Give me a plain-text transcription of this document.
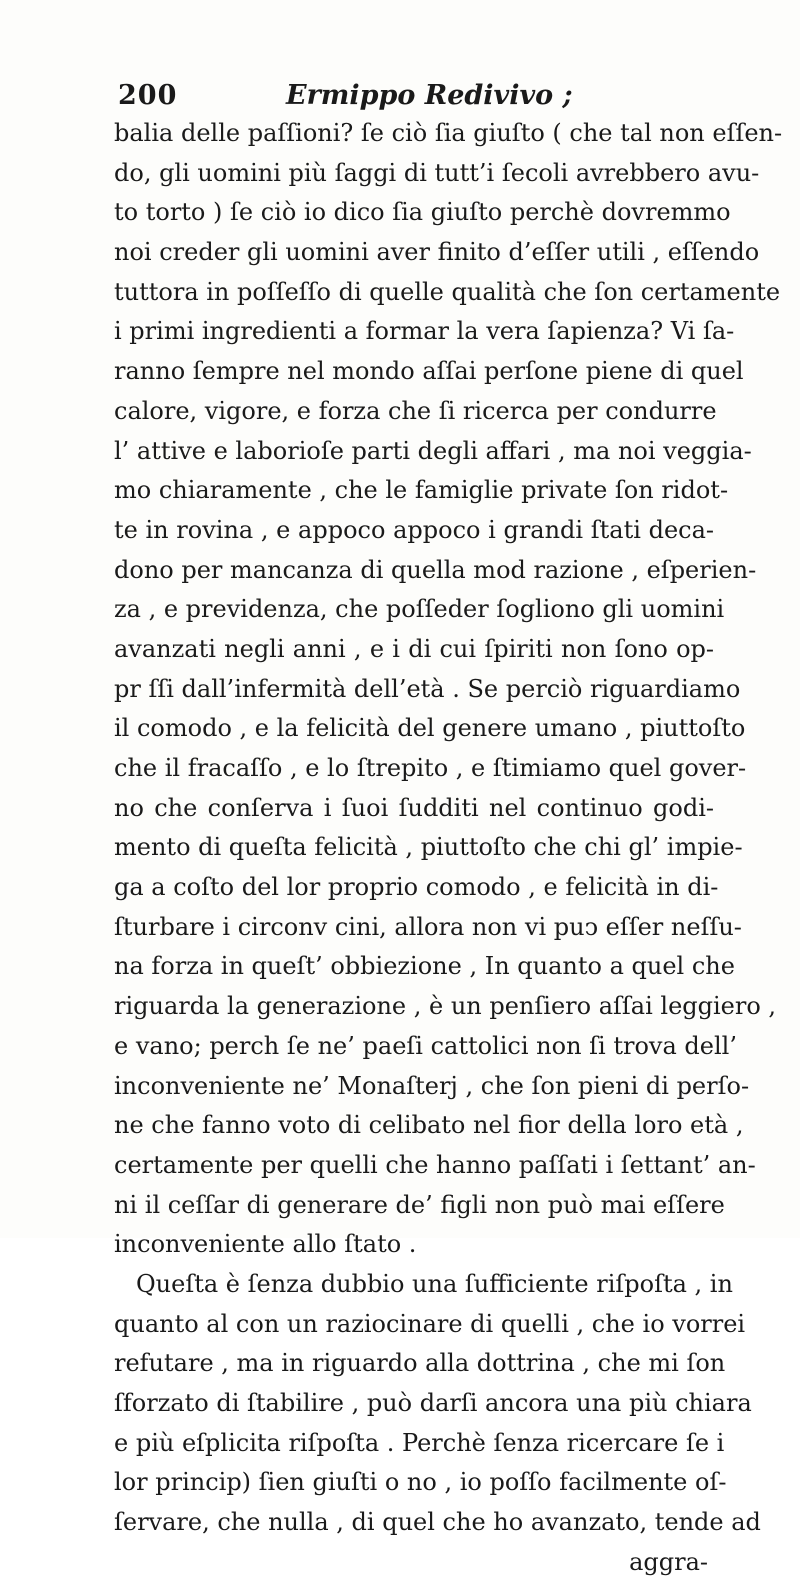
200	Ermippo Redivivo ;
balia delle paſſioni? ſe ciò ſia giuſto ( che tal non eſſen-
do, gli uomini più ſaggi di tutt’i ſecoli avrebbero avu-
to torto ) ſe ciò io dico ſia giuſto perchè dovremmo
noi creder gli uomini aver finito d’eſſer utili , eſſendo
tuttora in poſſeſſo di quelle qualità che ſon certamente
i primi ingredienti a formar la vera ſapienza? Vi ſa-
ranno ſempre nel mondo aſſai perſone piene di quel
calore, vigore, e forza che ſi ricerca per condurre
l’ attive e laborioſe parti degli affari , ma noi veggia-
mo chiaramente , che le famiglie private ſon ridot-
te in rovina , e appoco appoco i grandi ſtati deca-
dono per mancanza di quella mod razione , eſperien-
za , e previdenza, che poſſeder ſogliono gli uomini
avanzati negli anni , e i di cui ſpiriti non ſono op-
pr ſſi dall’infermità dell’età . Se perciò riguardiamo
il comodo , e la felicità del genere umano , piuttoſto
che il fracaſſo , e lo ſtrepito , e ſtimiamo quel gover-
no che conſerva i ſuoi ſudditi nel continuo godi-
mento di queſta felicità , piuttoſto che chi gl’ impie-
ga a coſto del lor proprio comodo , e felicità in di-
ſturbare i circonv cini, allora non vi puↄ eſſer neſſu-
na forza in queſt’ obbiezione , In quanto a quel che
riguarda la generazione , è un penſiero aſſai leggiero ,
e vano; perch ſe ne’ paeſi cattolici non ſi trova dell’
inconveniente ne’ Monaſterj , che ſon pieni di perſo-
ne che fanno voto di celibato nel fior della loro età ,
certamente per quelli che hanno paſſati i ſettant’ an-
ni il ceſſar di generare de’ figli non può mai eſſere
inconveniente allo ſtato .
Queſta è ſenza dubbio una ſufficiente riſpoſta , in
quanto al con un raziocinare di quelli , che io vorrei
refutare , ma in riguardo alla dottrina , che mi ſon
ſforzato di ſtabilire , può darſi ancora una più chiara
e più eſplicita riſpoſta . Perchè ſenza ricercare ſe i
lor princip) ſien giuſti o no , io poſſo facilmente oſ-
ſervare, che nulla , di quel che ho avanzato, tende ad
aggra-
